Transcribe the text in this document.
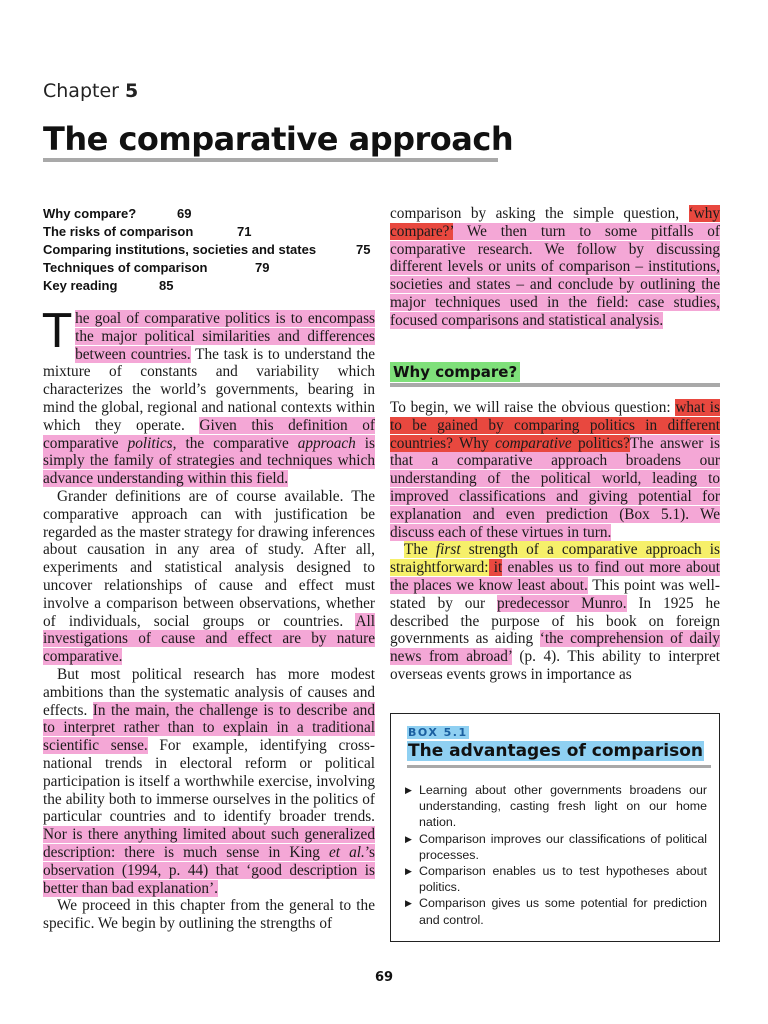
Chapter 5
The comparative approach
Why compare?	69
The risks of comparison	71
Comparing institutions, societies and states	75
Techniques of comparison	79
Key reading	85

The goal of comparative politics is to encompass the major political similarities and differences between countries. The task is to understand the mixture of constants and variability which characterizes the world’s governments, bearing in mind the global, regional and national contexts within which they operate. Given this definition of comparative politics, the comparative approach is simply the family of strategies and techniques which advance understanding within this field.

Grander definitions are of course available. The comparative approach can with justification be regarded as the master strategy for drawing inferences about causation in any area of study. After all, experiments and statistical analysis designed to uncover relationships of cause and effect must involve a comparison between observations, whether of individuals, social groups or countries. All investigations of cause and effect are by nature comparative.

But most political research has more modest ambitions than the systematic analysis of causes and effects. In the main, the challenge is to describe and to interpret rather than to explain in a traditional scientific sense. For example, identifying cross-national trends in electoral reform or political participation is itself a worthwhile exercise, involving the ability both to immerse ourselves in the politics of particular countries and to identify broader trends. Nor is there anything limited about such generalized description: there is much sense in King et al.’s observation (1994, p. 44) that ‘good description is better than bad explanation’.

We proceed in this chapter from the general to the specific. We begin by outlining the strengths of

comparison by asking the simple question, ‘why compare?’ We then turn to some pitfalls of comparative research. We follow by discussing different levels or units of comparison – institutions, societies and states – and conclude by outlining the major techniques used in the field: case studies, focused comparisons and statistical analysis.

Why compare?

To begin, we will raise the obvious question: what is to be gained by comparing politics in different countries? Why comparative politics?The answer is that a comparative approach broadens our understanding of the political world, leading to improved classifications and giving potential for explanation and even prediction (Box 5.1). We discuss each of these virtues in turn.

The first strength of a comparative approach is straightforward: it enables us to find out more about the places we know least about. This point was well-stated by our predecessor Munro. In 1925 he described the purpose of his book on foreign governments as aiding ‘the comprehension of daily news from abroad’ (p. 4). This ability to interpret overseas events grows in importance as

BOX 5.1
The advantages of comparison
▶ Learning about other governments broadens our understanding, casting fresh light on our home nation.
▶ Comparison improves our classifications of political processes.
▶ Comparison enables us to test hypotheses about politics.
▶ Comparison gives us some potential for prediction and control.
69
